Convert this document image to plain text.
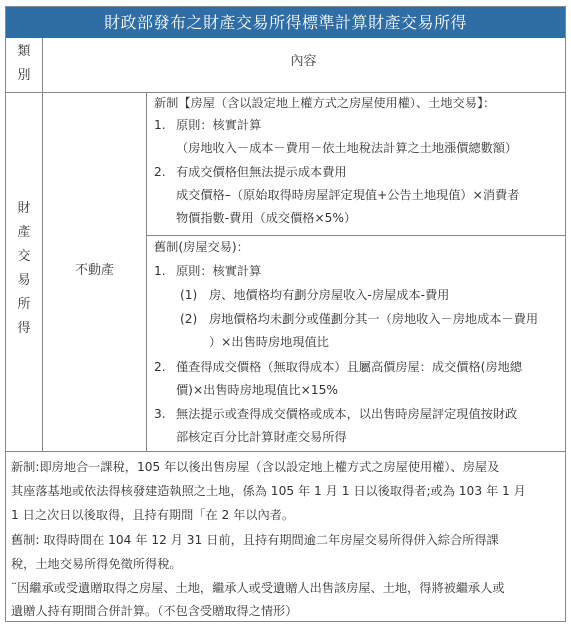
財政部發布之財產交易所得標準計算財產交易所得
類
別
內容
財
產
交
易
所
得
不動產
新制【房屋（含以設定地上權方式之房屋使用權）、土地交易】：
1. 原則：核實計算
（房地收入－成本－費用－依土地稅法計算之土地漲價總數額）
2. 有成交價格但無法提示成本費用
成交價格–（原始取得時房屋評定現值+公告土地現值）×消費者
物價指數-費用（成交價格×5%）
舊制(房屋交易)：
1. 原則：核實計算
(1) 房、地價格均有劃分房屋收入-房屋成本-費用
(2) 房地價格均未劃分或僅劃分其一（房地收入－房地成本－費用
）×出售時房地現值比
2. 僅查得成交價格（無取得成本）且屬高價房屋：成交價格(房地總
價)×出售時房地現值比×15%
3. 無法提示或查得成交價格或成本，以出售時房屋評定現值按財政
部核定百分比計算財產交易所得
新制:即房地合一課稅，105 年以後出售房屋（含以設定地上權方式之房屋使用權）、房屋及
其座落基地或依法得核發建造執照之土地，係為 105 年 1 月 1 日以後取得者;或為 103 年 1 月
1 日之次日以後取得，且持有期間「在 2 年以內者。
舊制: 取得時間在 104 年 12 月 31 日前，且持有期間逾二年房屋交易所得併入綜合所得課
稅，土地交易所得免徵所得稅。
¨因繼承或受遺贈取得之房屋、土地，繼承人或受遺贈人出售該房屋、土地，得將被繼承人或
遺贈人持有期間合併計算。（不包含受贈取得之情形）
